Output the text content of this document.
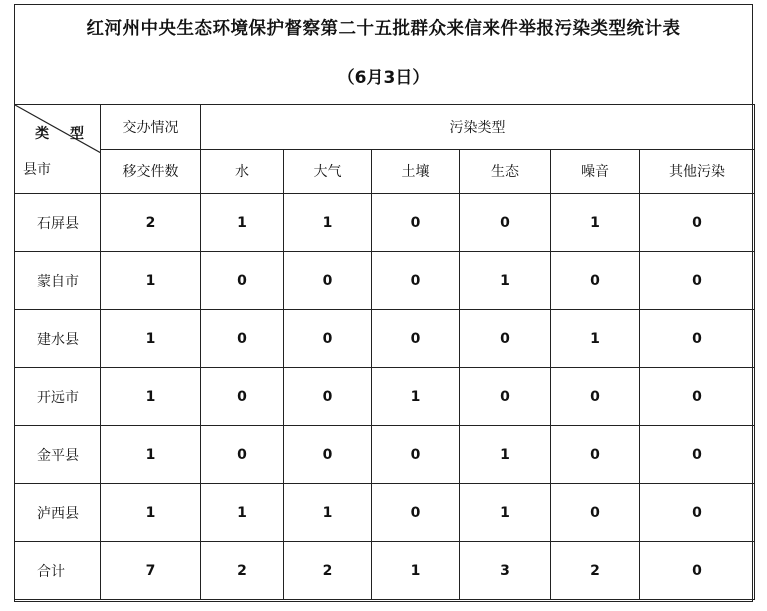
红河州中央生态环境保护督察第二十五批群众来信来件举报污染类型统计表
（6月3日）
类 型
县市	交办情况	污染类型					
	移交件数	水	大气	土壤	生态	噪音	其他污染
石屏县	2	1	1	0	0	1	0
蒙自市	1	0	0	0	1	0	0
建水县	1	0	0	0	0	1	0
开远市	1	0	0	1	0	0	0
金平县	1	0	0	0	1	0	0
泸西县	1	1	1	0	1	0	0
合计	7	2	2	1	3	2	0
